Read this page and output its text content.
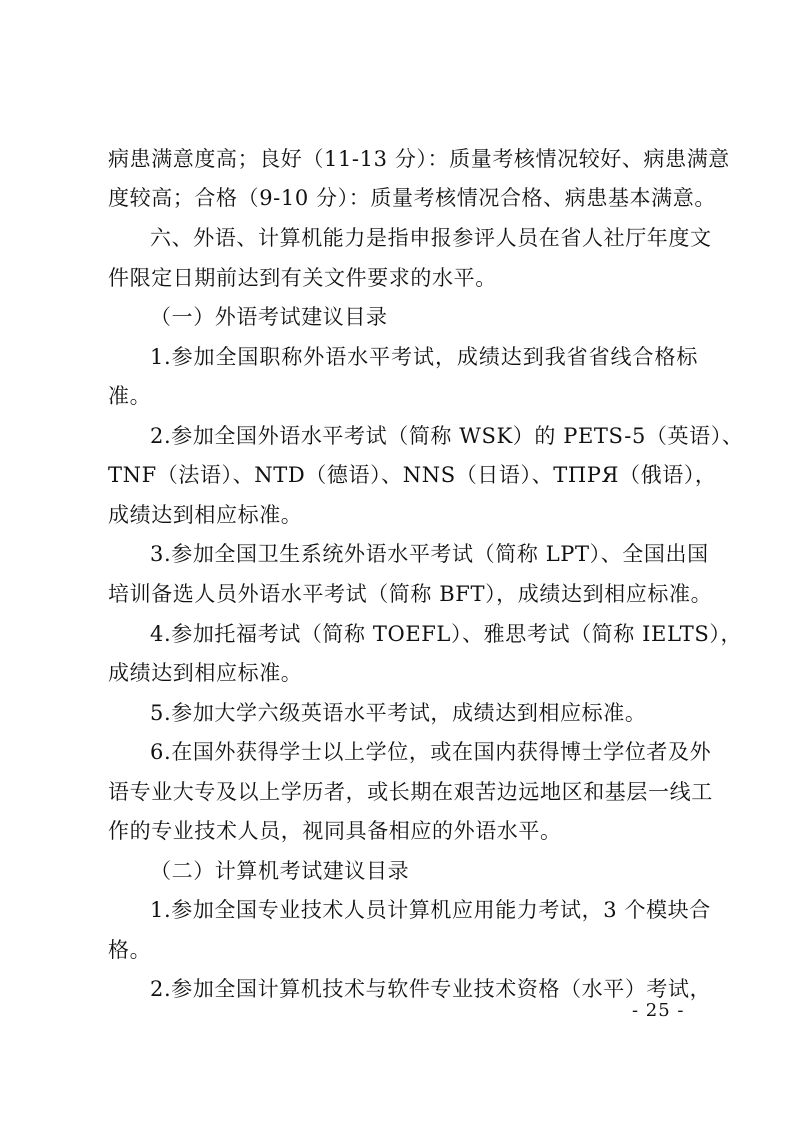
病患满意度高；良好（11-13 分）：质量考核情况较好、病患满意
度较高；合格（9-10 分）：质量考核情况合格、病患基本满意。
六、外语、计算机能力是指申报参评人员在省人社厅年度文
件限定日期前达到有关文件要求的水平。
（一）外语考试建议目录
1.参加全国职称外语水平考试，成绩达到我省省线合格标
准。
2.参加全国外语水平考试（简称 WSK）的 PETS-5（英语）、
TNF（法语）、NTD（德语）、NNS（日语）、ТПРЯ（俄语），
成绩达到相应标准。
3.参加全国卫生系统外语水平考试（简称 LPT）、全国出国
培训备选人员外语水平考试（简称 BFT），成绩达到相应标准。
4.参加托福考试（简称 TOEFL）、雅思考试（简称 IELTS），
成绩达到相应标准。
5.参加大学六级英语水平考试，成绩达到相应标准。
6.在国外获得学士以上学位，或在国内获得博士学位者及外
语专业大专及以上学历者，或长期在艰苦边远地区和基层一线工
作的专业技术人员，视同具备相应的外语水平。
（二）计算机考试建议目录
1.参加全国专业技术人员计算机应用能力考试，3 个模块合
格。
2.参加全国计算机技术与软件专业技术资格（水平）考试，
- 25 -
